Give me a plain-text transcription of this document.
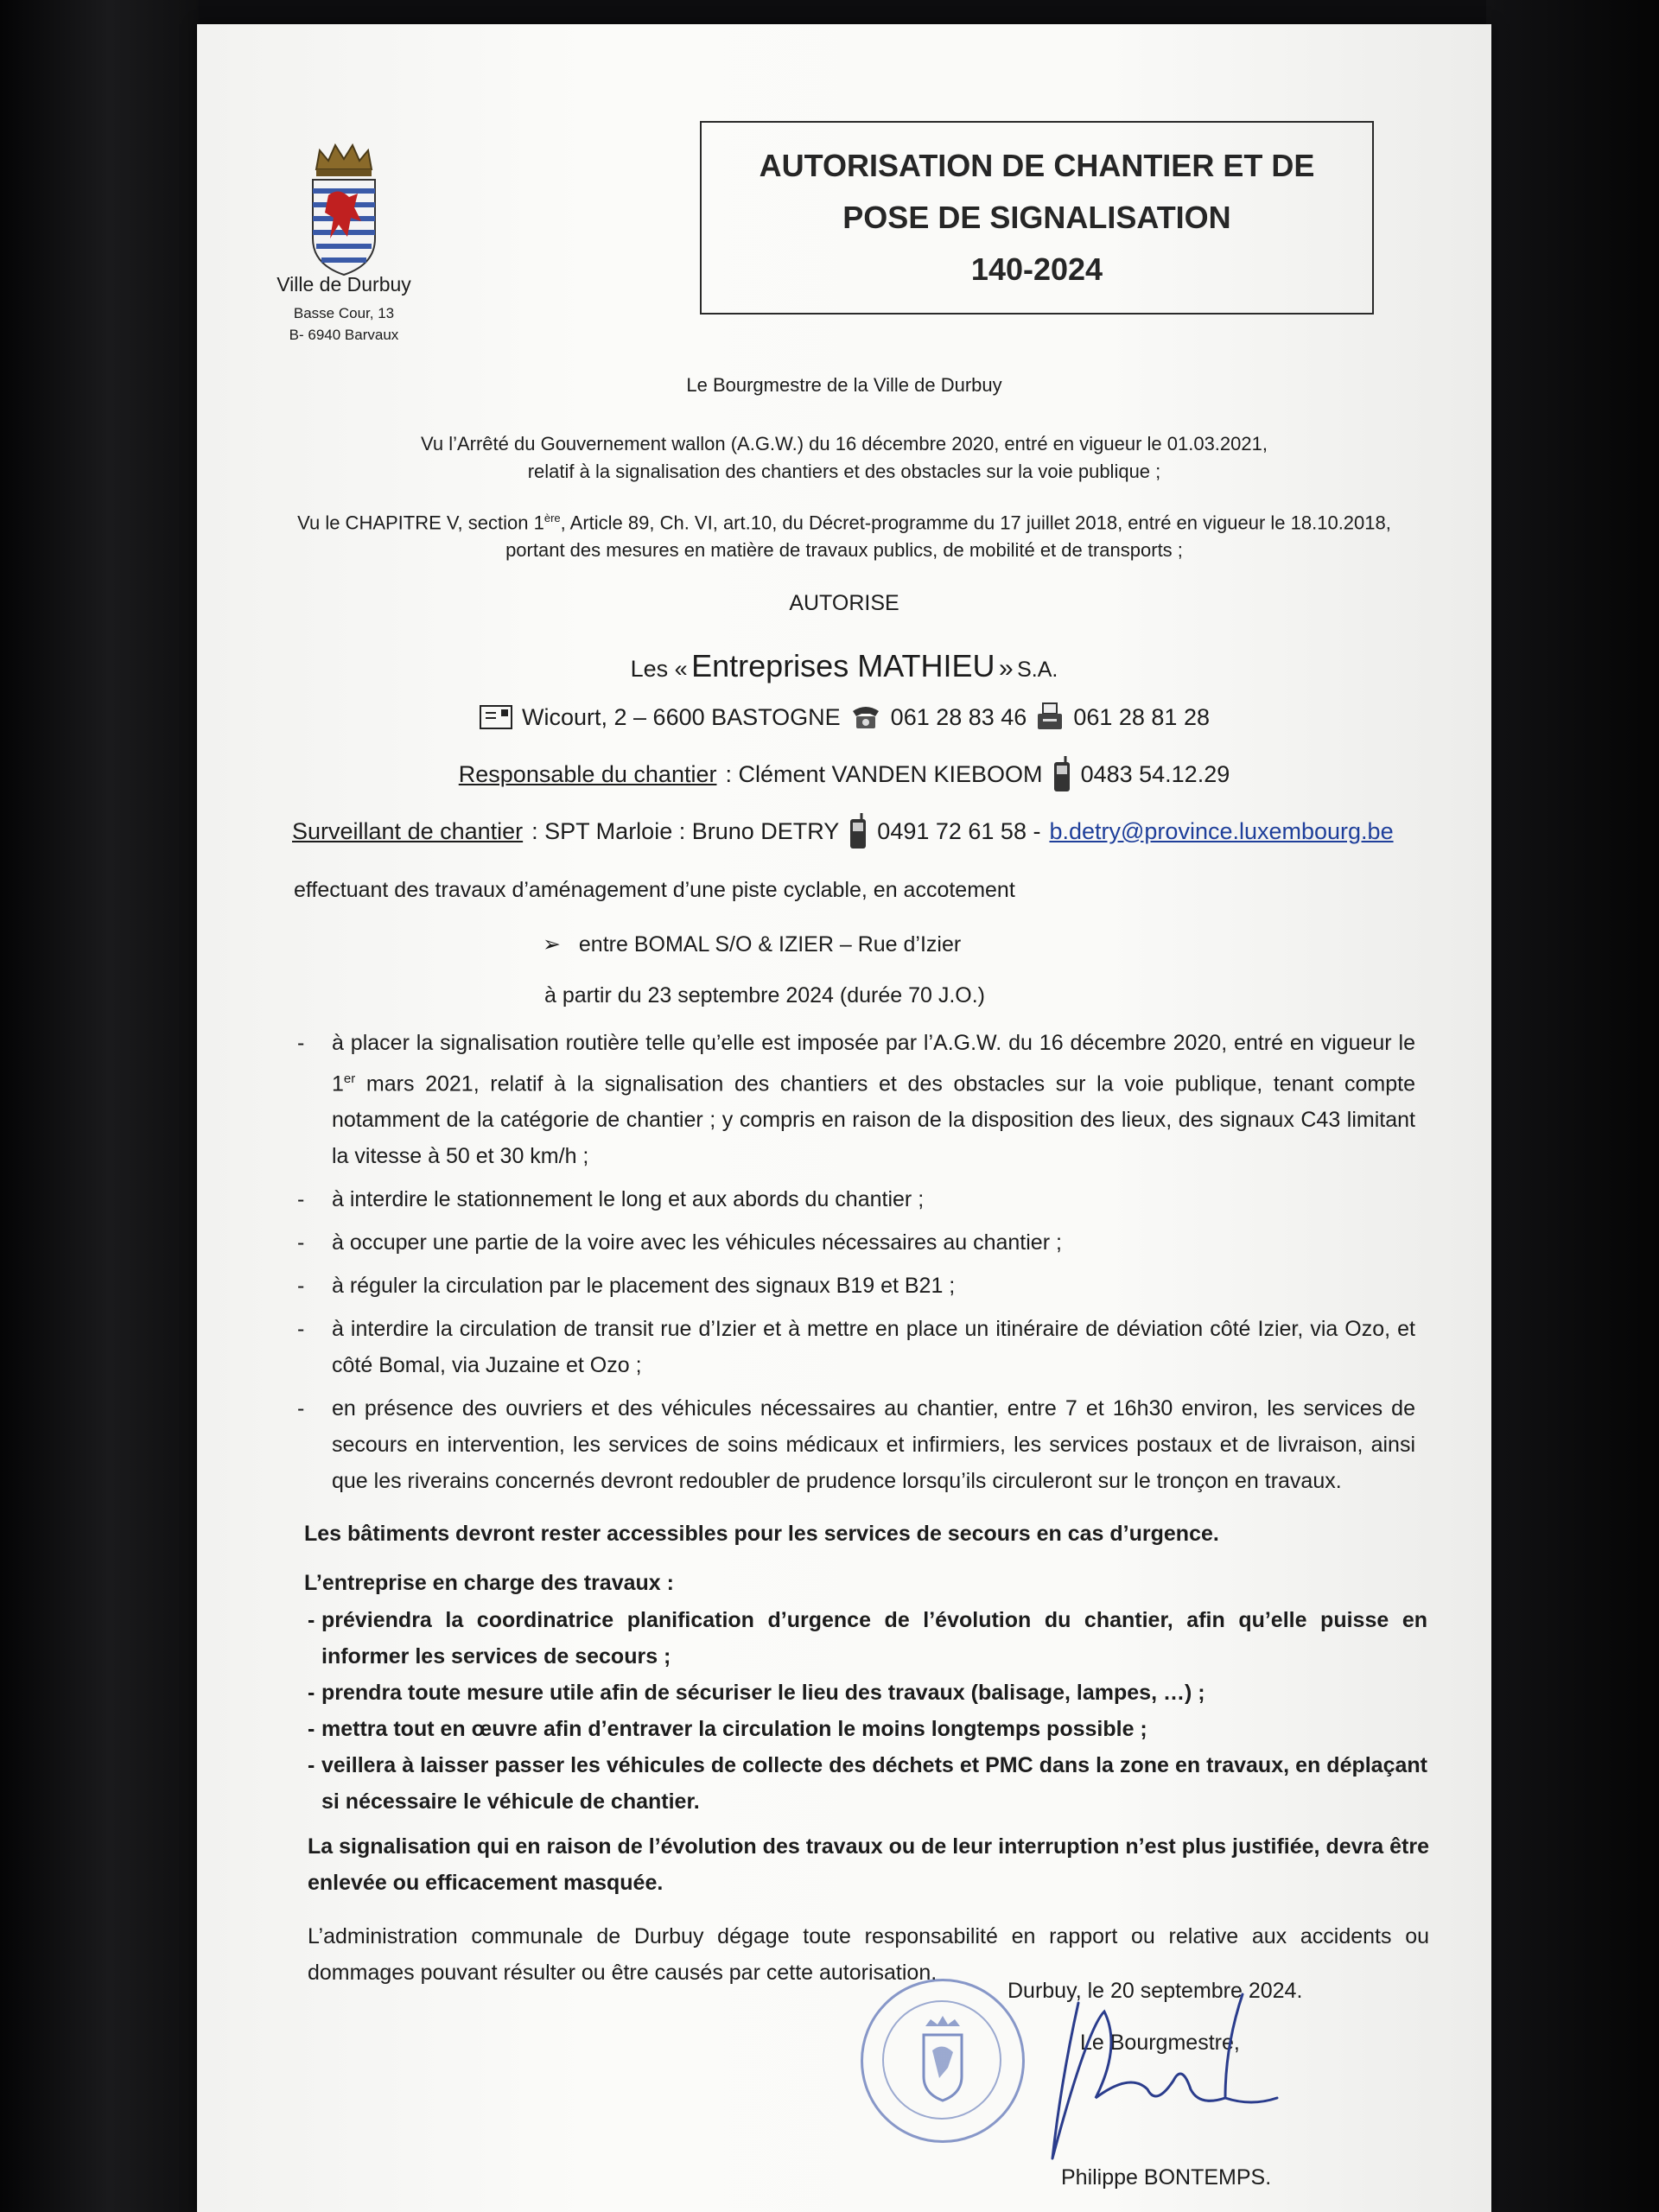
Ville de Durbuy
Basse Cour, 13
B- 6940 Barvaux
AUTORISATION DE CHANTIER ET DE
POSE DE SIGNALISATION
140-2024
Le Bourgmestre de la Ville de Durbuy
Vu l’Arrêté du Gouvernement wallon (A.G.W.) du 16 décembre 2020, entré en vigueur le 01.03.2021,
relatif à la signalisation des chantiers et des obstacles sur la voie publique ;
Vu le CHAPITRE V, section 1ère, Article 89, Ch. VI, art.10, du Décret-programme du 17 juillet 2018, entré en vigueur le 18.10.2018,
portant des mesures en matière de travaux publics, de mobilité et de transports ;
AUTORISE
Les « Entreprises MATHIEU » S.A.
Wicourt, 2 – 6600 BASTOGNE 061 28 83 46 061 28 81 28
Responsable du chantier : Clément VANDEN KIEBOOM 0483 54.12.29
Surveillant de chantier : SPT Marloie : Bruno DETRY 0491 72 61 58 - b.detry@province.luxembourg.be
effectuant des travaux d’aménagement d’une piste cyclable, en accotement
➢ entre BOMAL S/O & IZIER – Rue d’Izier
à partir du 23 septembre 2024 (durée 70 J.O.)
- à placer la signalisation routière telle qu’elle est imposée par l’A.G.W. du 16 décembre 2020, entré en vigueur le 1er mars 2021, relatif à la signalisation des chantiers et des obstacles sur la voie publique, tenant compte notamment de la catégorie de chantier ; y compris en raison de la disposition des lieux, des signaux C43 limitant la vitesse à 50 et 30 km/h ;
- à interdire le stationnement le long et aux abords du chantier ;
- à occuper une partie de la voire avec les véhicules nécessaires au chantier ;
- à réguler la circulation par le placement des signaux B19 et B21 ;
- à interdire la circulation de transit rue d’Izier et à mettre en place un itinéraire de déviation côté Izier, via Ozo, et côté Bomal, via Juzaine et Ozo ;
- en présence des ouvriers et des véhicules nécessaires au chantier, entre 7 et 16h30 environ, les services de secours en intervention, les services de soins médicaux et infirmiers, les services postaux et de livraison, ainsi que les riverains concernés devront redoubler de prudence lorsqu’ils circuleront sur le tronçon en travaux.
Les bâtiments devront rester accessibles pour les services de secours en cas d’urgence.
L’entreprise en charge des travaux :
- préviendra la coordinatrice planification d’urgence de l’évolution du chantier, afin qu’elle puisse en informer les services de secours ;
- prendra toute mesure utile afin de sécuriser le lieu des travaux (balisage, lampes, …) ;
- mettra tout en œuvre afin d’entraver la circulation le moins longtemps possible ;
- veillera à laisser passer les véhicules de collecte des déchets et PMC dans la zone en travaux, en déplaçant si nécessaire le véhicule de chantier.
La signalisation qui en raison de l’évolution des travaux ou de leur interruption n’est plus justifiée, devra être enlevée ou efficacement masquée.
L’administration communale de Durbuy dégage toute responsabilité en rapport ou relative aux accidents ou dommages pouvant résulter ou être causés par cette autorisation.
Durbuy, le 20 septembre 2024.
Le Bourgmestre,
Philippe BONTEMPS.
